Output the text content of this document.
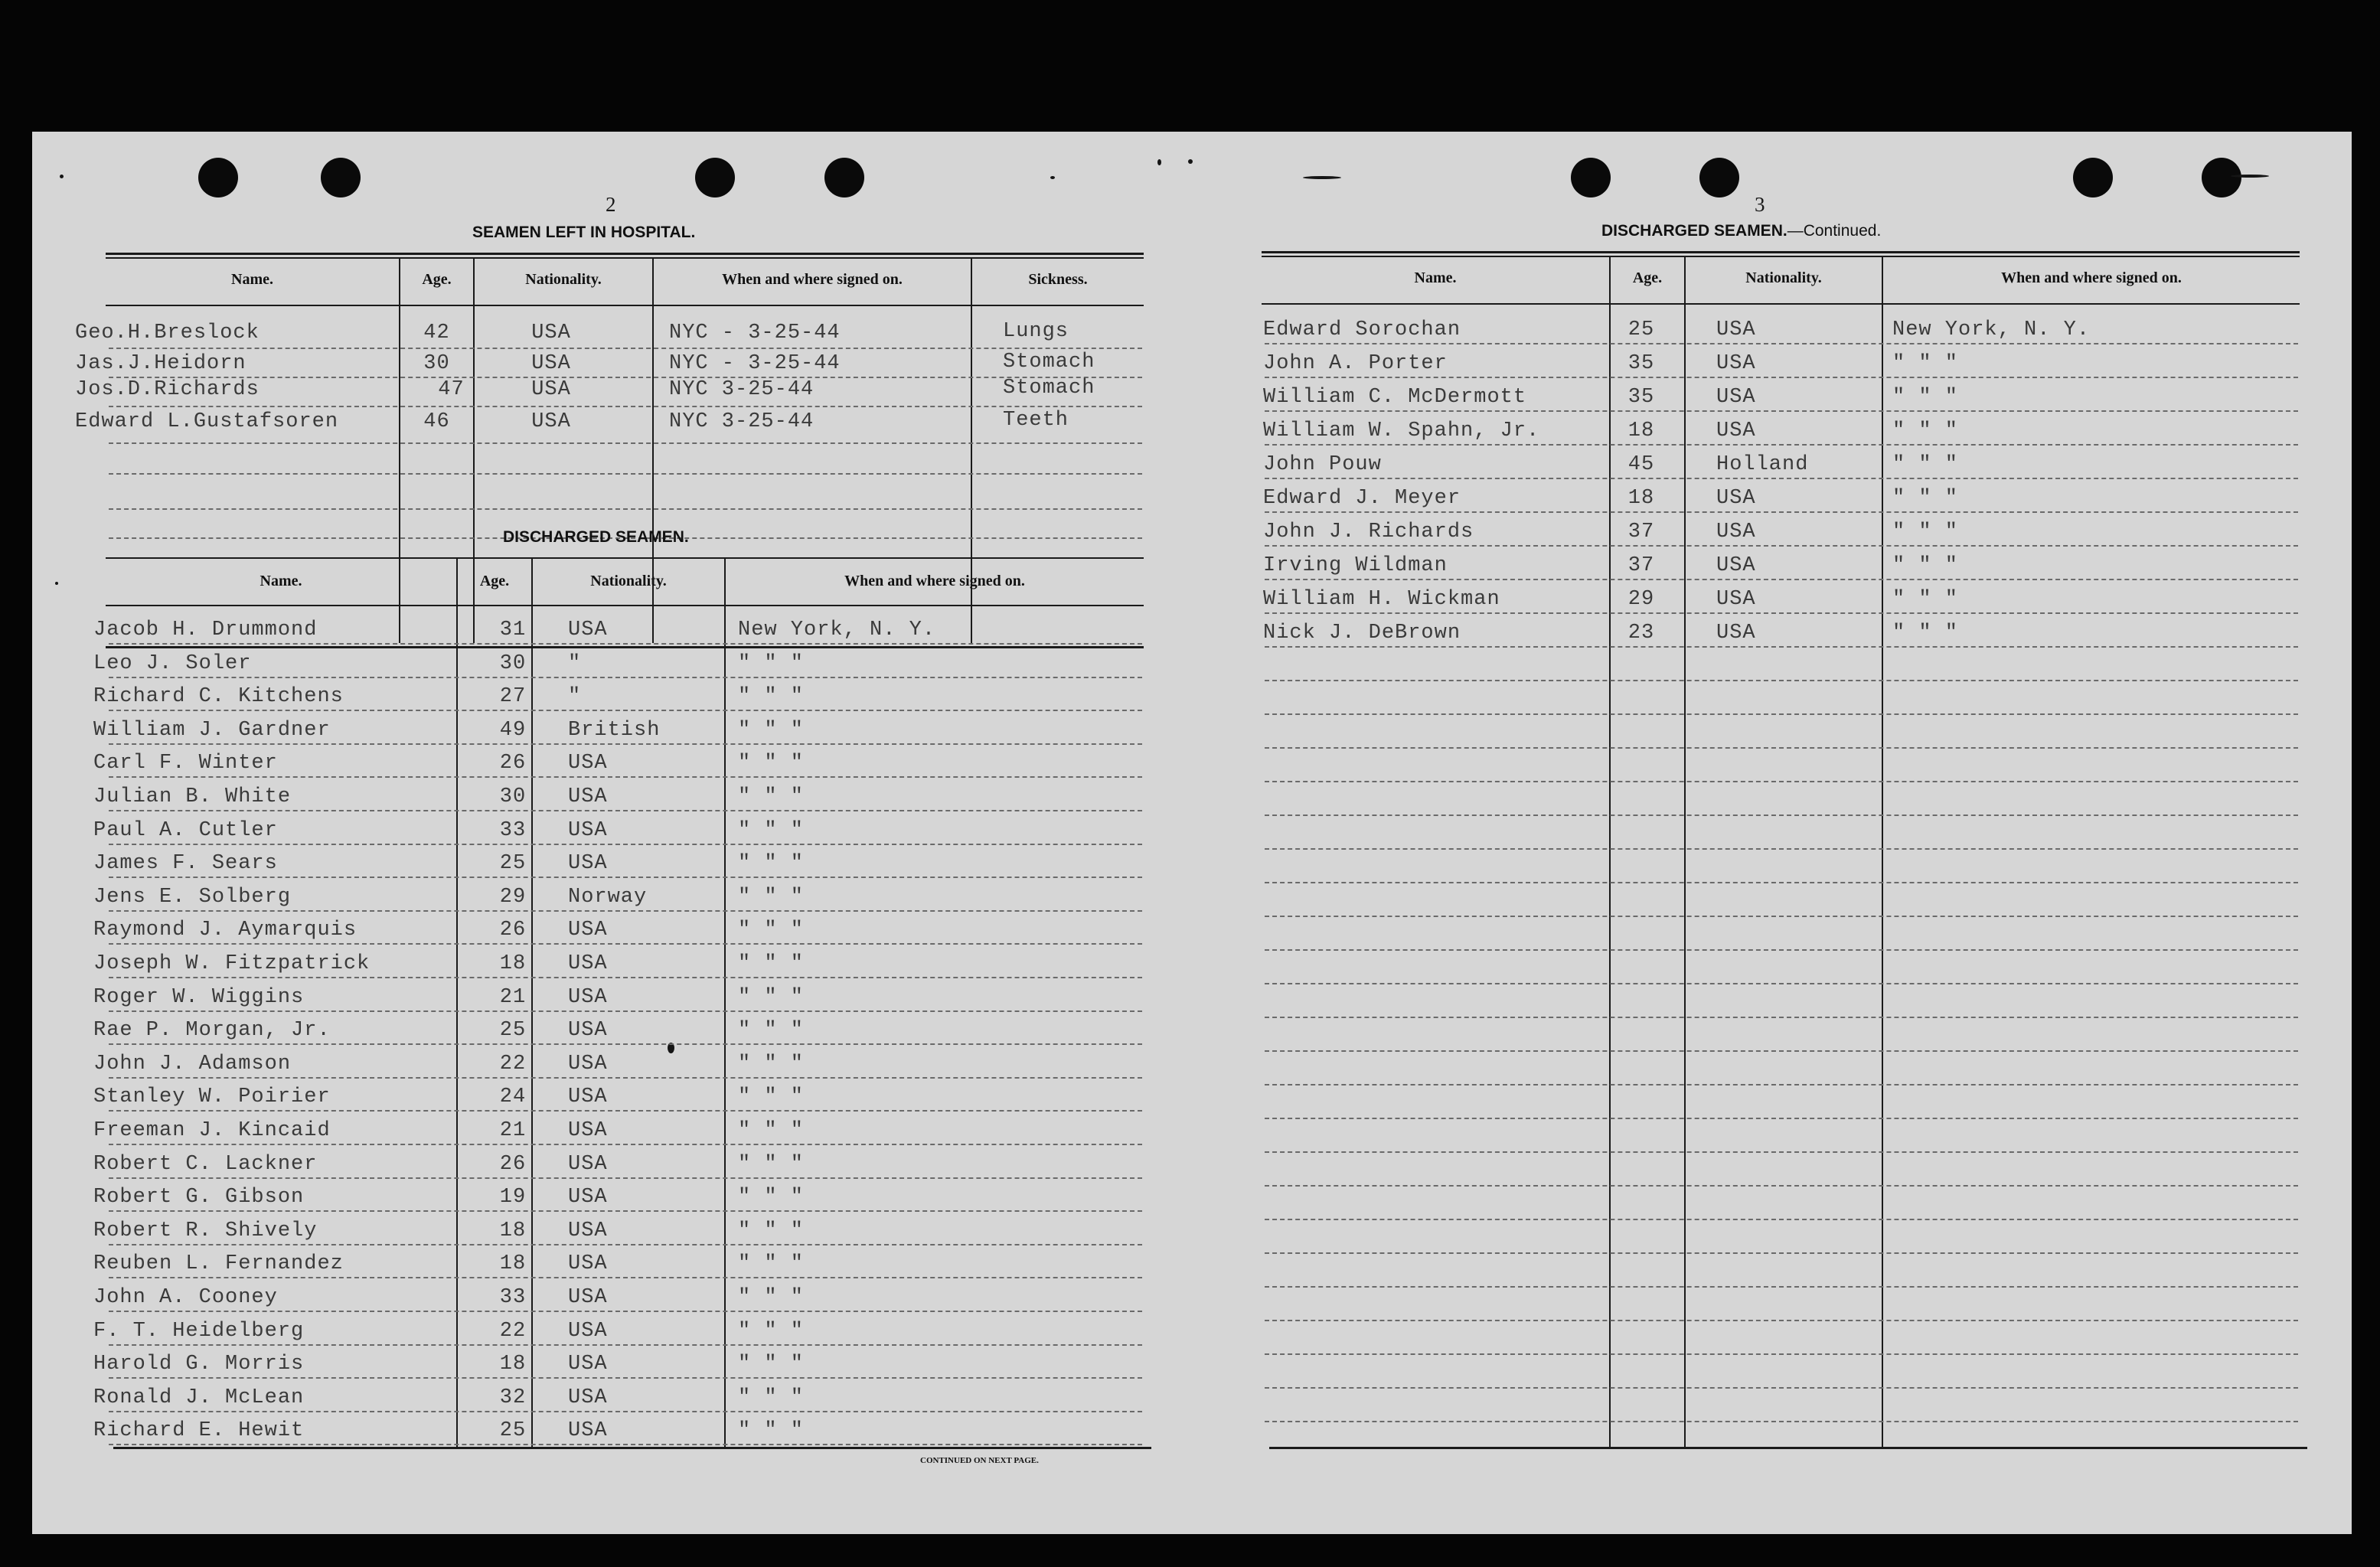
2
SEAMEN LEFT IN HOSPITAL.
Name.	Age.	Nationality.	When and where signed on.	Sickness.
Geo.H.Breslock	42	USA	NYC - 3-25-44	Lungs
Jas.J.Heidorn	30	USA	NYC - 3-25-44	Stomach
Jos.D.Richards	47	USA	NYC 3-25-44	Stomach
Edward L.Gustafsoren	46	USA	NYC 3-25-44	Teeth
DISCHARGED SEAMEN.
Name.	Age.	Nationality.	When and where signed on.
Jacob H. Drummond	31	USA	New York, N. Y.
Leo J. Soler	30	"	" " "
Richard C. Kitchens	27	"	" " "
William J. Gardner	49	British	" " "
Carl F. Winter	26	USA	" " "
Julian B. White	30	USA	" " "
Paul A. Cutler	33	USA	" " "
James F. Sears	25	USA	" " "
Jens E. Solberg	29	Norway	" " "
Raymond J. Aymarquis	26	USA	" " "
Joseph W. Fitzpatrick	18	USA	" " "
Roger W. Wiggins	21	USA	" " "
Rae P. Morgan, Jr.	25	USA	" " "
John J. Adamson	22	USA	" " "
Stanley W. Poirier	24	USA	" " "
Freeman J. Kincaid	21	USA	" " "
Robert C. Lackner	26	USA	" " "
Robert G. Gibson	19	USA	" " "
Robert R. Shively	18	USA	" " "
Reuben L. Fernandez	18	USA	" " "
John A. Cooney	33	USA	" " "
F. T. Heidelberg	22	USA	" " "
Harold G. Morris	18	USA	" " "
Ronald J. McLean	32	USA	" " "
Richard E. Hewit	25	USA	" " "
CONTINUED ON NEXT PAGE.
3
DISCHARGED SEAMEN.—Continued.
Name.	Age.	Nationality.	When and where signed on.
Edward Sorochan	25	USA	New York, N. Y.
John A. Porter	35	USA	" " "
William C. McDermott	35	USA	" " "
William W. Spahn, Jr.	18	USA	" " "
John Pouw	45	Holland	" " "
Edward J. Meyer	18	USA	" " "
John J. Richards	37	USA	" " "
Irving Wildman	37	USA	" " "
William H. Wickman	29	USA	" " "
Nick J. DeBrown	23	USA	" " "
